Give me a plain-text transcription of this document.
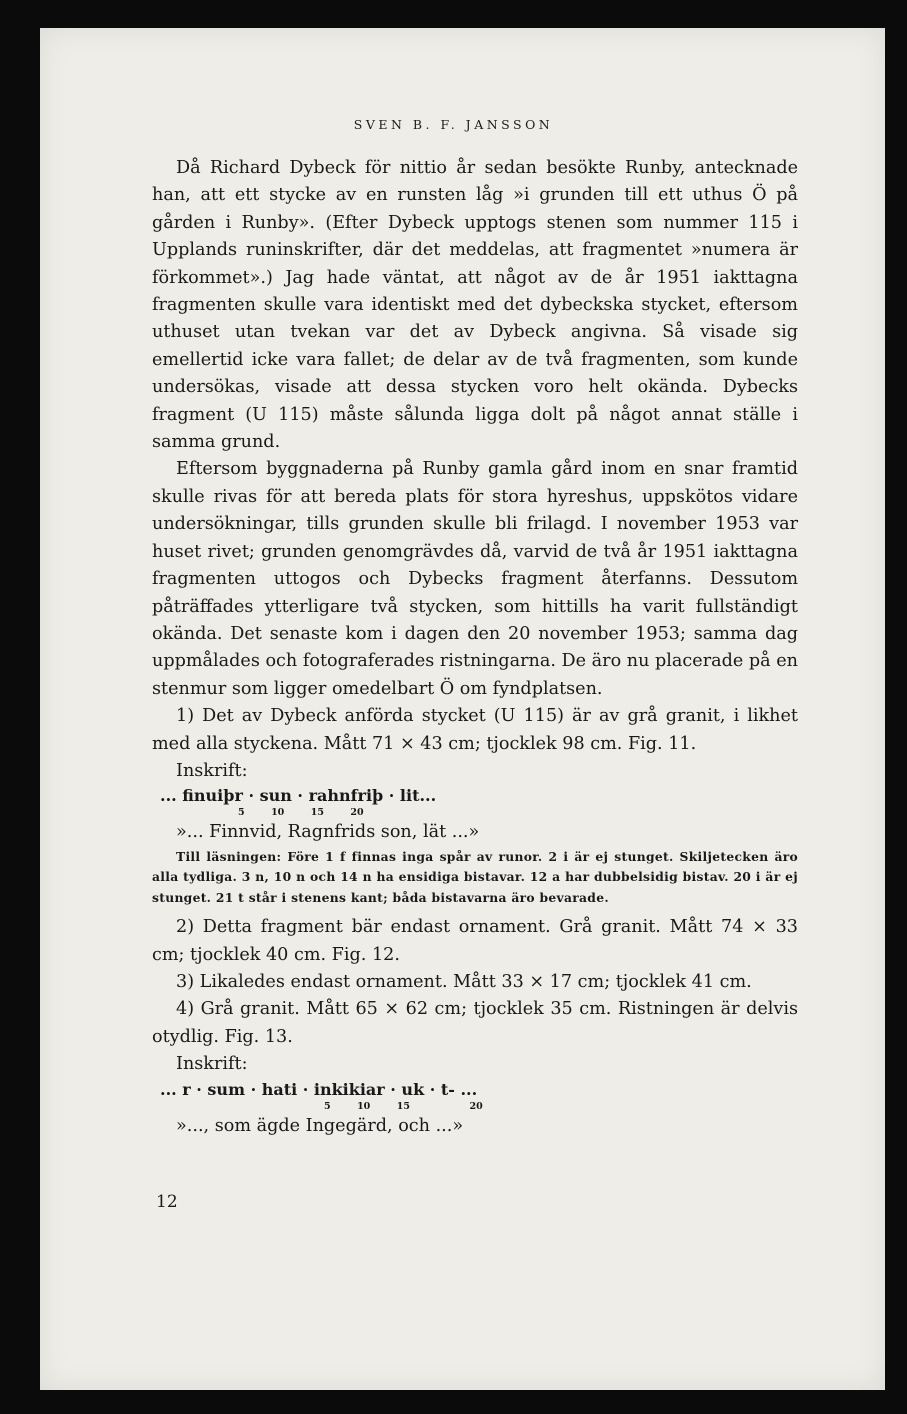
SVEN B. F. JANSSON

Då Richard Dybeck för nittio år sedan besökte Runby, antecknade han, att ett stycke av en runsten låg »i grunden till ett uthus Ö på gården i Runby». (Efter Dybeck upptogs stenen som nummer 115 i Upplands runinskrifter, där det meddelas, att fragmentet »numera är förkommet».) Jag hade väntat, att något av de år 1951 iakttagna fragmenten skulle vara identiskt med det dybeckska stycket, eftersom uthuset utan tvekan var det av Dybeck angivna. Så visade sig emellertid icke vara fallet; de delar av de två fragmenten, som kunde undersökas, visade att dessa stycken voro helt okända. Dybecks fragment (U 115) måste sålunda ligga dolt på något annat ställe i samma grund.

Eftersom byggnaderna på Runby gamla gård inom en snar framtid skulle rivas för att bereda plats för stora hyreshus, uppskötos vidare undersökningar, tills grunden skulle bli frilagd. I november 1953 var huset rivet; grunden genomgrävdes då, varvid de två år 1951 iakttagna fragmenten uttogos och Dybecks fragment återfanns. Dessutom påträffades ytterligare två stycken, som hittills ha varit fullständigt okända. Det senaste kom i dagen den 20 november 1953; samma dag uppmålades och fotograferades ristningarna. De äro nu placerade på en stenmur som ligger omedelbart Ö om fyndplatsen.

1) Det av Dybeck anförda stycket (U 115) är av grå granit, i likhet med alla styckena. Mått 71 × 43 cm; tjocklek 98 cm. Fig. 11.

Inskrift:

... finuiþr · sun · rahnfriþ · lit...

5        10        15        20

»... Finnvid, Ragnfrids son, lät ...»

Till läsningen: Före 1 f finnas inga spår av runor. 2 i är ej stunget. Skiljetecken äro alla tydliga. 3 n, 10 n och 14 n ha ensidiga bistavar. 12 a har dubbelsidig bistav. 20 i är ej stunget. 21 t står i stenens kant; båda bistavarna äro bevarade.

2) Detta fragment bär endast ornament. Grå granit. Mått 74 × 33 cm; tjocklek 40 cm. Fig. 12.

3) Likaledes endast ornament. Mått 33 × 17 cm; tjocklek 41 cm.

4) Grå granit. Mått 65 × 62 cm; tjocklek 35 cm. Ristningen är delvis otydlig. Fig. 13.

Inskrift:

... r · sum · hati · inkikiar · uk · t- ...

5        10        15                  20

»..., som ägde Ingegärd, och ...»

12
